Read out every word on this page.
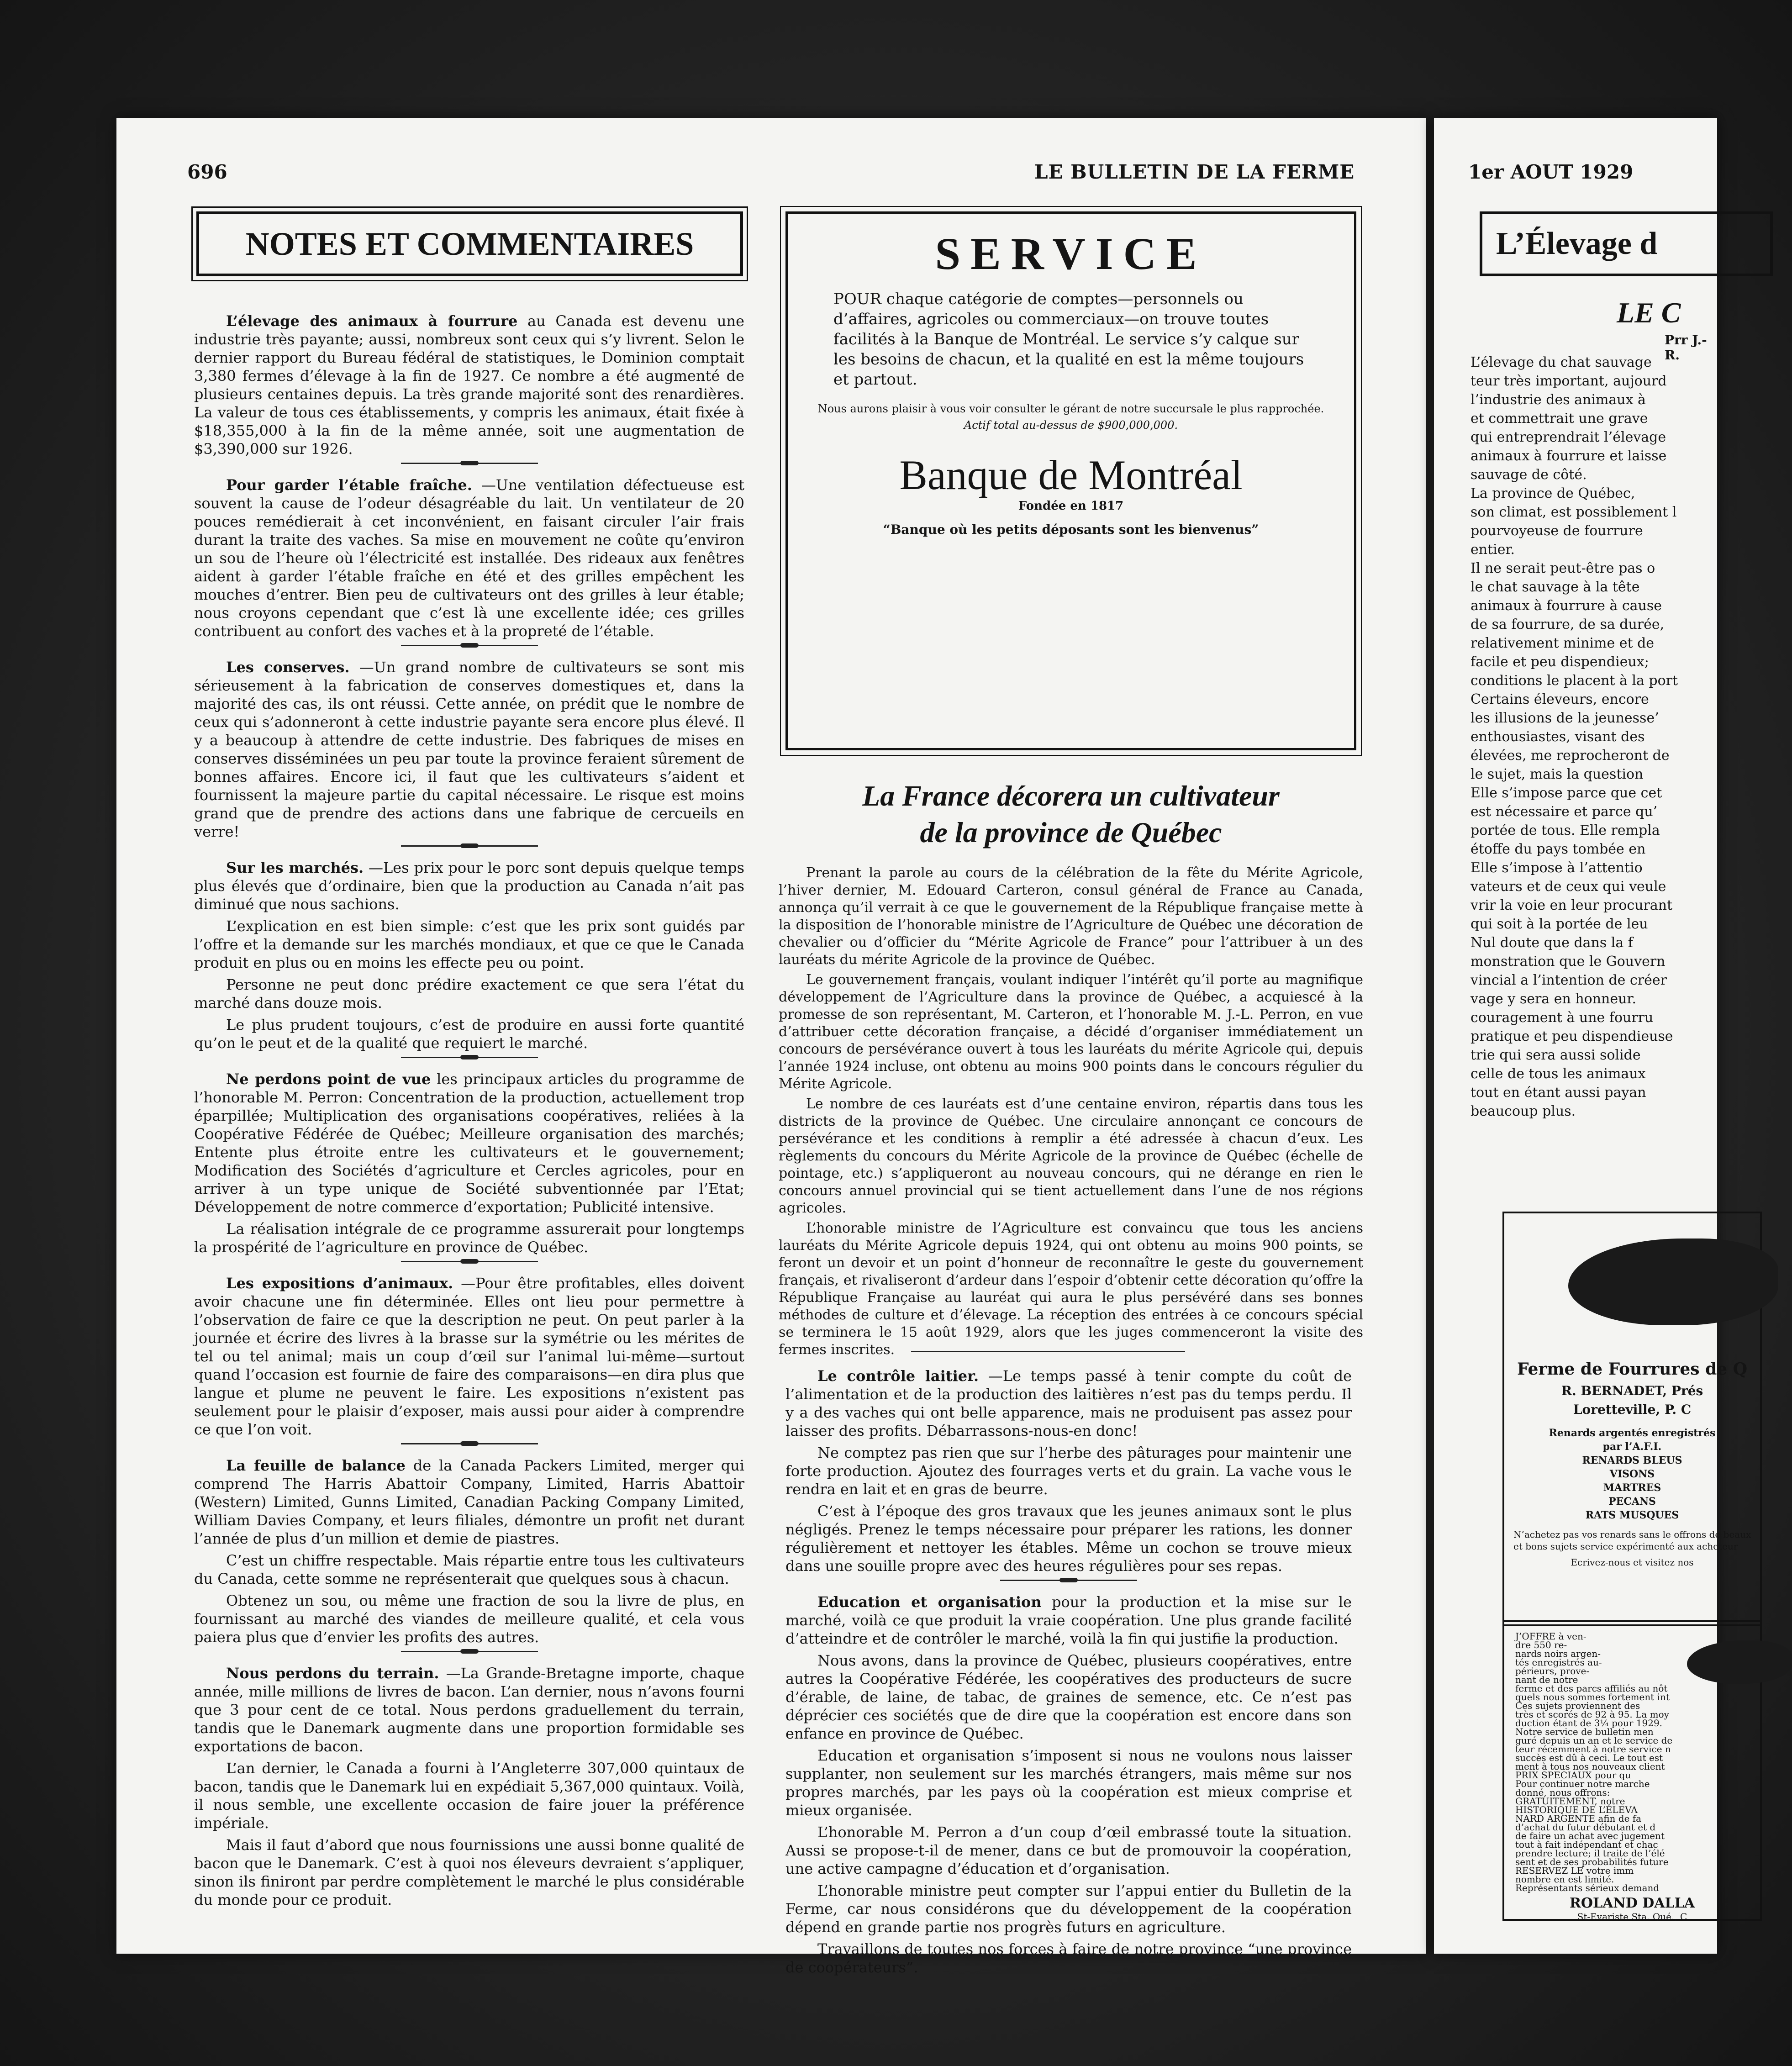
696	LE BULLETIN DE LA FERME
NOTES ET COMMENTAIRES

L’élevage des animaux à fourrure au Canada est devenu une industrie très payante; aussi, nombreux sont ceux qui s’y livrent. Selon le dernier rapport du Bureau fédéral de statistiques, le Dominion comptait 3,380 fermes d’élevage à la fin de 1927. Ce nombre a été augmenté de plusieurs centaines depuis. La très grande majorité sont des renardières. La valeur de tous ces établissements, y compris les animaux, était fixée à $18,355,000 à la fin de la même année, soit une augmentation de $3,390,000 sur 1926.

Pour garder l’étable fraîche. —Une ventilation défectueuse est souvent la cause de l’odeur désagréable du lait. Un ventilateur de 20 pouces remédierait à cet inconvénient, en faisant circuler l’air frais durant la traite des vaches. Sa mise en mouvement ne coûte qu’environ un sou de l’heure où l’électricité est installée. Des rideaux aux fenêtres aident à garder l’étable fraîche en été et des grilles empêchent les mouches d’entrer. Bien peu de cultivateurs ont des grilles à leur étable; nous croyons cependant que c’est là une excellente idée; ces grilles contribuent au confort des vaches et à la propreté de l’étable.

Les conserves. —Un grand nombre de cultivateurs se sont mis sérieusement à la fabrication de conserves domestiques et, dans la majorité des cas, ils ont réussi. Cette année, on prédit que le nombre de ceux qui s’adonneront à cette industrie payante sera encore plus élevé. Il y a beaucoup à attendre de cette industrie. Des fabriques de mises en conserves disséminées un peu par toute la province feraient sûrement de bonnes affaires. Encore ici, il faut que les cultivateurs s’aident et fournissent la majeure partie du capital nécessaire. Le risque est moins grand que de prendre des actions dans une fabrique de cercueils en verre!

Sur les marchés. —Les prix pour le porc sont depuis quelque temps plus élevés que d’ordinaire, bien que la production au Canada n’ait pas diminué que nous sachions.

L’explication en est bien simple: c’est que les prix sont guidés par l’offre et la demande sur les marchés mondiaux, et que ce que le Canada produit en plus ou en moins les effecte peu ou point.

Personne ne peut donc prédire exactement ce que sera l’état du marché dans douze mois.

Le plus prudent toujours, c’est de produire en aussi forte quantité qu’on le peut et de la qualité que requiert le marché.

Ne perdons point de vue les principaux articles du programme de l’honorable M. Perron: Concentration de la production, actuellement trop éparpillée; Multiplication des organisations coopératives, reliées à la Coopérative Fédérée de Québec; Meilleure organisation des marchés; Entente plus étroite entre les cultivateurs et le gouvernement; Modification des Sociétés d’agriculture et Cercles agricoles, pour en arriver à un type unique de Société subventionnée par l’Etat; Développement de notre commerce d’exportation; Publicité intensive.

La réalisation intégrale de ce programme assurerait pour longtemps la prospérité de l’agriculture en province de Québec.

Les expositions d’animaux. —Pour être profitables, elles doivent avoir chacune une fin déterminée. Elles ont lieu pour permettre à l’observation de faire ce que la description ne peut. On peut parler à la journée et écrire des livres à la brasse sur la symétrie ou les mérites de tel ou tel animal; mais un coup d’œil sur l’animal lui-même—surtout quand l’occasion est fournie de faire des comparaisons—en dira plus que langue et plume ne peuvent le faire. Les expositions n’existent pas seulement pour le plaisir d’exposer, mais aussi pour aider à comprendre ce que l’on voit.

La feuille de balance de la Canada Packers Limited, merger qui comprend The Harris Abattoir Company, Limited, Harris Abattoir (Western) Limited, Gunns Limited, Canadian Packing Company Limited, William Davies Company, et leurs filiales, démontre un profit net durant l’année de plus d’un million et demie de piastres.

C’est un chiffre respectable. Mais répartie entre tous les cultivateurs du Canada, cette somme ne représenterait que quelques sous à chacun.

Obtenez un sou, ou même une fraction de sou la livre de plus, en fournissant au marché des viandes de meilleure qualité, et cela vous paiera plus que d’envier les profits des autres.

Nous perdons du terrain. —La Grande-Bretagne importe, chaque année, mille millions de livres de bacon. L’an dernier, nous n’avons fourni que 3 pour cent de ce total. Nous perdons graduellement du terrain, tandis que le Danemark augmente dans une proportion formidable ses exportations de bacon.

L’an dernier, le Canada a fourni à l’Angleterre 307,000 quintaux de bacon, tandis que le Danemark lui en expédiait 5,367,000 quintaux. Voilà, il nous semble, une excellente occasion de faire jouer la préférence impériale.

Mais il faut d’abord que nous fournissions une aussi bonne qualité de bacon que le Danemark. C’est à quoi nos éleveurs devraient s’appliquer, sinon ils finiront par perdre complètement le marché le plus considérable du monde pour ce produit.

SERVICE
POUR chaque catégorie de comptes—personnels ou d’affaires, agricoles ou commerciaux—on trouve toutes facilités à la Banque de Montréal. Le service s’y calque sur les besoins de chacun, et la qualité en est la même toujours et partout.
Nous aurons plaisir à vous voir consulter le gérant de notre succursale le plus rapprochée.
Actif total au-dessus de $900,000,000.
Banque de Montréal
Fondée en 1817
“Banque où les petits déposants sont les bienvenus”
La France décorera un cultivateur
de la province de Québec

Prenant la parole au cours de la célébration de la fête du Mérite Agricole, l’hiver dernier, M. Edouard Carteron, consul général de France au Canada, annonça qu’il verrait à ce que le gouvernement de la République française mette à la disposition de l’honorable ministre de l’Agriculture de Québec une décoration de chevalier ou d’officier du “Mérite Agricole de France” pour l’attribuer à un des lauréats du mérite Agricole de la province de Québec.

Le gouvernement français, voulant indiquer l’intérêt qu’il porte au magnifique développement de l’Agriculture dans la province de Québec, a acquiescé à la promesse de son représentant, M. Carteron, et l’honorable M. J.-L. Perron, en vue d’attribuer cette décoration française, a décidé d’organiser immédiatement un concours de persévérance ouvert à tous les lauréats du mérite Agricole qui, depuis l’année 1924 incluse, ont obtenu au moins 900 points dans le concours régulier du Mérite Agricole.

Le nombre de ces lauréats est d’une centaine environ, répartis dans tous les districts de la province de Québec. Une circulaire annonçant ce concours de persévérance et les conditions à remplir a été adressée à chacun d’eux. Les règlements du concours du Mérite Agricole de la province de Québec (échelle de pointage, etc.) s’appliqueront au nouveau concours, qui ne dérange en rien le concours annuel provincial qui se tient actuellement dans l’une de nos régions agricoles.

L’honorable ministre de l’Agriculture est convaincu que tous les anciens lauréats du Mérite Agricole depuis 1924, qui ont obtenu au moins 900 points, se feront un devoir et un point d’honneur de reconnaître le geste du gouvernement français, et rivaliseront d’ardeur dans l’espoir d’obtenir cette décoration qu’offre la République Française au lauréat qui aura le plus persévéré dans ses bonnes méthodes de culture et d’élevage. La réception des entrées à ce concours spécial se terminera le 15 août 1929, alors que les juges commenceront la visite des fermes inscrites.

Le contrôle laitier. —Le temps passé à tenir compte du coût de l’alimentation et de la production des laitières n’est pas du temps perdu. Il y a des vaches qui ont belle apparence, mais ne produisent pas assez pour laisser des profits. Débarrassons-nous-en donc!

Ne comptez pas rien que sur l’herbe des pâturages pour maintenir une forte production. Ajoutez des fourrages verts et du grain. La vache vous le rendra en lait et en gras de beurre.

C’est à l’époque des gros travaux que les jeunes animaux sont le plus négligés. Prenez le temps nécessaire pour préparer les rations, les donner régulièrement et nettoyer les étables. Même un cochon se trouve mieux dans une souille propre avec des heures régulières pour ses repas.

Education et organisation pour la production et la mise sur le marché, voilà ce que produit la vraie coopération. Une plus grande facilité d’atteindre et de contrôler le marché, voilà la fin qui justifie la production.

Nous avons, dans la province de Québec, plusieurs coopératives, entre autres la Coopérative Fédérée, les coopératives des producteurs de sucre d’érable, de laine, de tabac, de graines de semence, etc. Ce n’est pas déprécier ces sociétés que de dire que la coopération est encore dans son enfance en province de Québec.

Education et organisation s’imposent si nous ne voulons nous laisser supplanter, non seulement sur les marchés étrangers, mais même sur nos propres marchés, par les pays où la coopération est mieux comprise et mieux organisée.

L’honorable M. Perron a d’un coup d’œil embrassé toute la situation. Aussi se propose-t-il de mener, dans ce but de promouvoir la coopération, une active campagne d’éducation et d’organisation.

L’honorable ministre peut compter sur l’appui entier du Bulletin de la Ferme, car nous considérons que du développement de la coopération dépend en grande partie nos progrès futurs en agriculture.

Travaillons de toutes nos forces à faire de notre province “une province de coopérateurs”.

1er AOUT 1929
L’Élevage d
LE C
Prr J.-R.
L’élevage du chat sauvage
teur très important, aujourd
l’industrie des animaux à
et commettrait une grave
qui entreprendrait l’élevage
animaux à fourrure et laisse
sauvage de côté.
La province de Québec,
son climat, est possiblement l
pourvoyeuse de fourrure
entier.
Il ne serait peut-être pas o
le chat sauvage à la tête
animaux à fourrure à cause
de sa fourrure, de sa durée,
relativement minime et de
facile et peu dispendieux;
conditions le placent à la port
Certains éleveurs, encore
les illusions de la jeunesse’
enthousiastes, visant des
élevées, me reprocheront de
le sujet, mais la question
Elle s’impose parce que cet
est nécessaire et parce qu’
portée de tous. Elle rempla
étoffe du pays tombée en
Elle s’impose à l’attentio
vateurs et de ceux qui veule
vrir la voie en leur procurant
qui soit à la portée de leu
Nul doute que dans la f
monstration que le Gouvern
vincial a l’intention de créer
vage y sera en honneur.
couragement à une fourru
pratique et peu dispendieuse
trie qui sera aussi solide
celle de tous les animaux
tout en étant aussi payan
beaucoup plus.
Ferme de Fourrures de Q
R. BERNADET, Prés
Loretteville, P. C
Renards argentés enregistrés
par l’A.F.I.
RENARDS BLEUS
VISONS
MARTRES
PECANS
RATS MUSQUES
N’achetez pas vos renards sans le offrons de beaux et bons sujets service expérimenté aux acheteur
Ecrivez-nous et visitez nos
J’OFFRE à ven-
dre 550 re-
nards noirs argen-
tés enregistrés au-
périeurs, prove-
nant de notre
ferme et des parcs affiliés au nôt
quels nous sommes fortement int
Ces sujets proviennent des
très et scorés de 92 à 95. La moy
duction étant de 3¼ pour 1929.
Notre service de bulletin men
guré depuis un an et le service de
teur récemment à notre service n
succès est dû à ceci. Le tout est
ment à tous nos nouveaux client
PRIX SPECIAUX pour qu
Pour continuer notre marche
donné, nous offrons:
GRATUITEMENT, notre
HISTORIQUE DE L’ÉLEVA
NARD ARGENTE afin de fa
d’achat du futur débutant et d
de faire un achat avec jugement
tout à fait indépendant et chac
prendre lecture; il traite de l’élé
sent et de ses probabilités future
RESERVEZ LE votre imm
nombre en est limité.
Représentants sérieux demand
ROLAND DALLA
St-Evariste Sta. Qué., C
